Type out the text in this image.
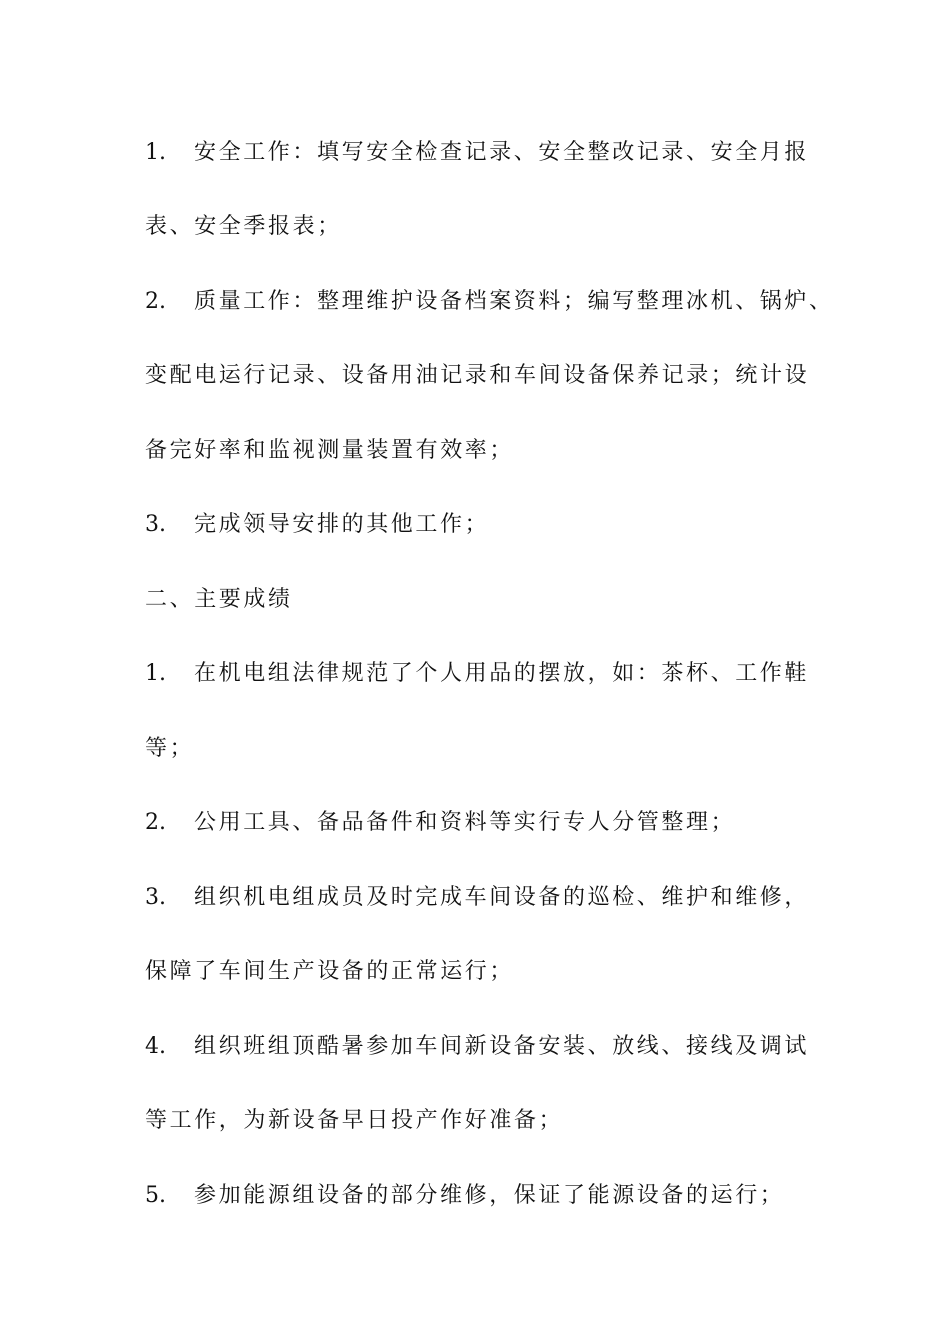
1. 安全工作：填写安全检查记录、安全整改记录、安全月报
表、安全季报表；
2. 质量工作：整理维护设备档案资料；编写整理冰机、锅炉、
变配电运行记录、设备用油记录和车间设备保养记录；统计设
备完好率和监视测量装置有效率；
3. 完成领导安排的其他工作；
二、主要成绩
1. 在机电组法律规范了个人用品的摆放，如：茶杯、工作鞋
等；
2. 公用工具、备品备件和资料等实行专人分管整理；
3. 组织机电组成员及时完成车间设备的巡检、维护和维修，
保障了车间生产设备的正常运行；
4. 组织班组顶酷暑参加车间新设备安装、放线、接线及调试
等工作，为新设备早日投产作好准备；
5. 参加能源组设备的部分维修，保证了能源设备的运行；
